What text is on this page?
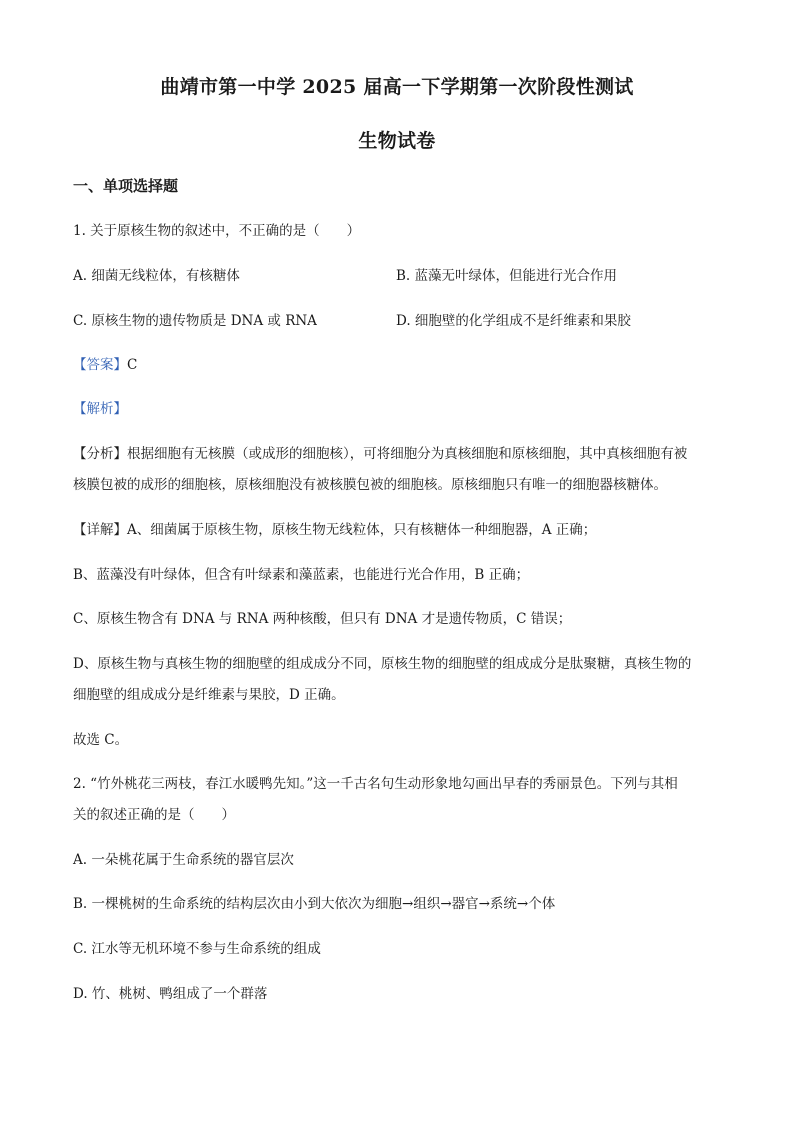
曲靖市第一中学 2025 届高一下学期第一次阶段性测试
生物试卷
一、单项选择题
1. 关于原核生物的叙述中，不正确的是（　　）
A. 细菌无线粒体，有核糖体	B. 蓝藻无叶绿体，但能进行光合作用
C. 原核生物的遗传物质是 DNA 或 RNA	D. 细胞壁的化学组成不是纤维素和果胶
【答案】C
【解析】
【分析】根据细胞有无核膜（或成形的细胞核），可将细胞分为真核细胞和原核细胞，其中真核细胞有被
核膜包被的成形的细胞核，原核细胞没有被核膜包被的细胞核。原核细胞只有唯一的细胞器核糖体。
【详解】A、细菌属于原核生物，原核生物无线粒体，只有核糖体一种细胞器，A 正确；
B、蓝藻没有叶绿体，但含有叶绿素和藻蓝素，也能进行光合作用，B 正确；
C、原核生物含有 DNA 与 RNA 两种核酸，但只有 DNA 才是遗传物质，C 错误；
D、原核生物与真核生物的细胞壁的组成成分不同，原核生物的细胞壁的组成成分是肽聚糖，真核生物的
细胞壁的组成成分是纤维素与果胶，D 正确。
故选 C。
2. “竹外桃花三两枝，春江水暖鸭先知。”这一千古名句生动形象地勾画出早春的秀丽景色。下列与其相
关的叙述正确的是（　　）
A. 一朵桃花属于生命系统的器官层次
B. 一棵桃树的生命系统的结构层次由小到大依次为细胞→组织→器官→系统→个体
C. 江水等无机环境不参与生命系统的组成
D. 竹、桃树、鸭组成了一个群落
